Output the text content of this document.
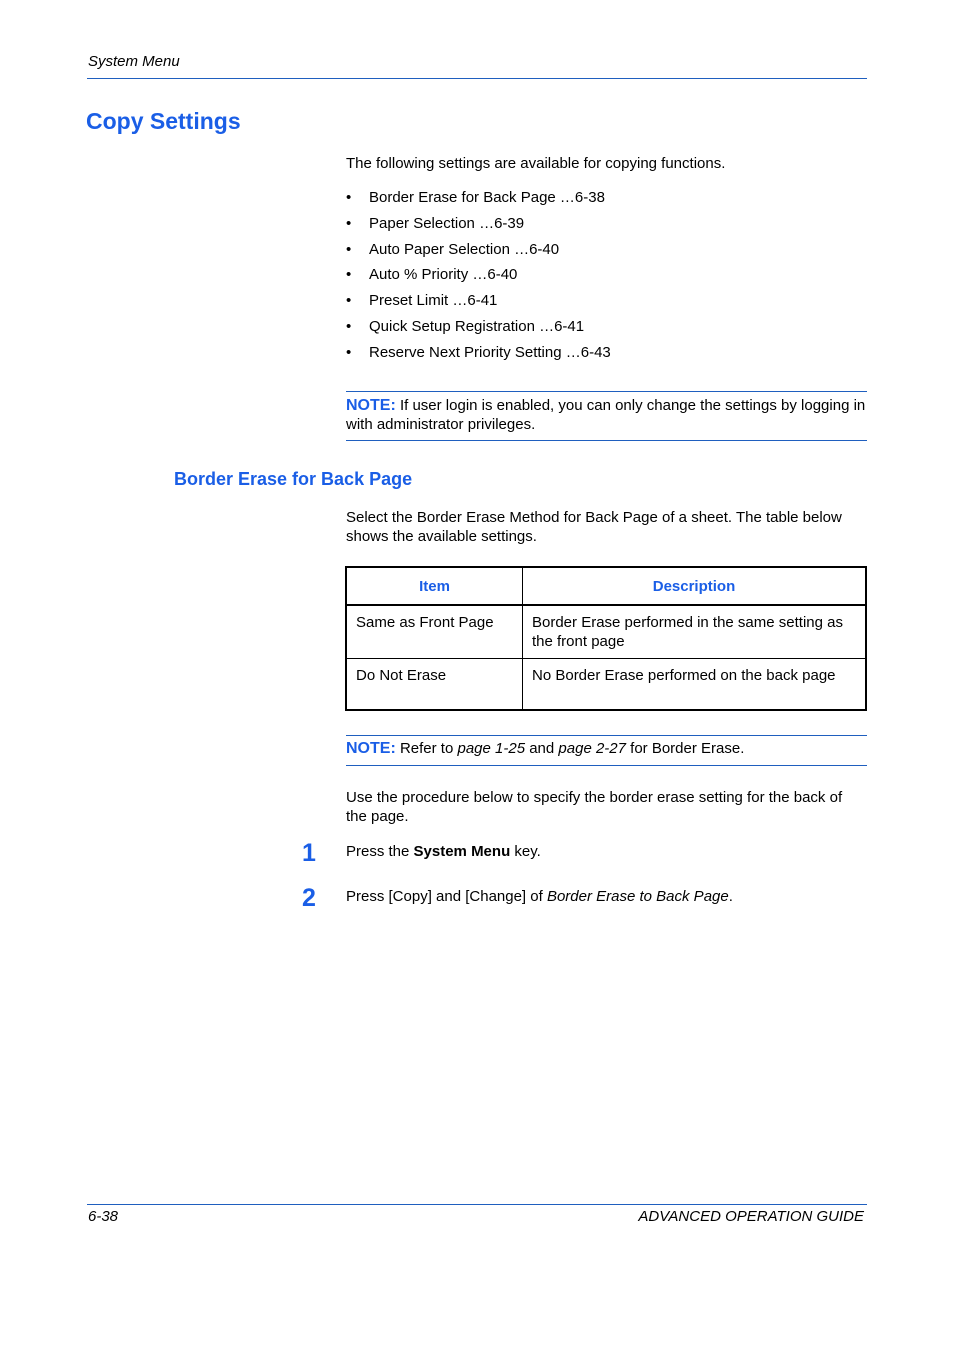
System Menu
Copy Settings
The following settings are available for copying functions.
• Border Erase for Back Page …6-38
• Paper Selection …6-39
• Auto Paper Selection …6-40
• Auto % Priority …6-40
• Preset Limit …6-41
• Quick Setup Registration …6-41
• Reserve Next Priority Setting …6-43
NOTE: If user login is enabled, you can only change the settings by logging in with administrator privileges.
Border Erase for Back Page
Select the Border Erase Method for Back Page of a sheet. The table below shows the available settings.
Item	Description
Same as Front Page	Border Erase performed in the same setting as the front page
Do Not Erase	No Border Erase performed on the back page
NOTE: Refer to page 1-25 and page 2-27 for Border Erase.
Use the procedure below to specify the border erase setting for the back of the page.
1 Press the System Menu key.
2 Press [Copy] and [Change] of Border Erase to Back Page.
6-38	ADVANCED OPERATION GUIDE
